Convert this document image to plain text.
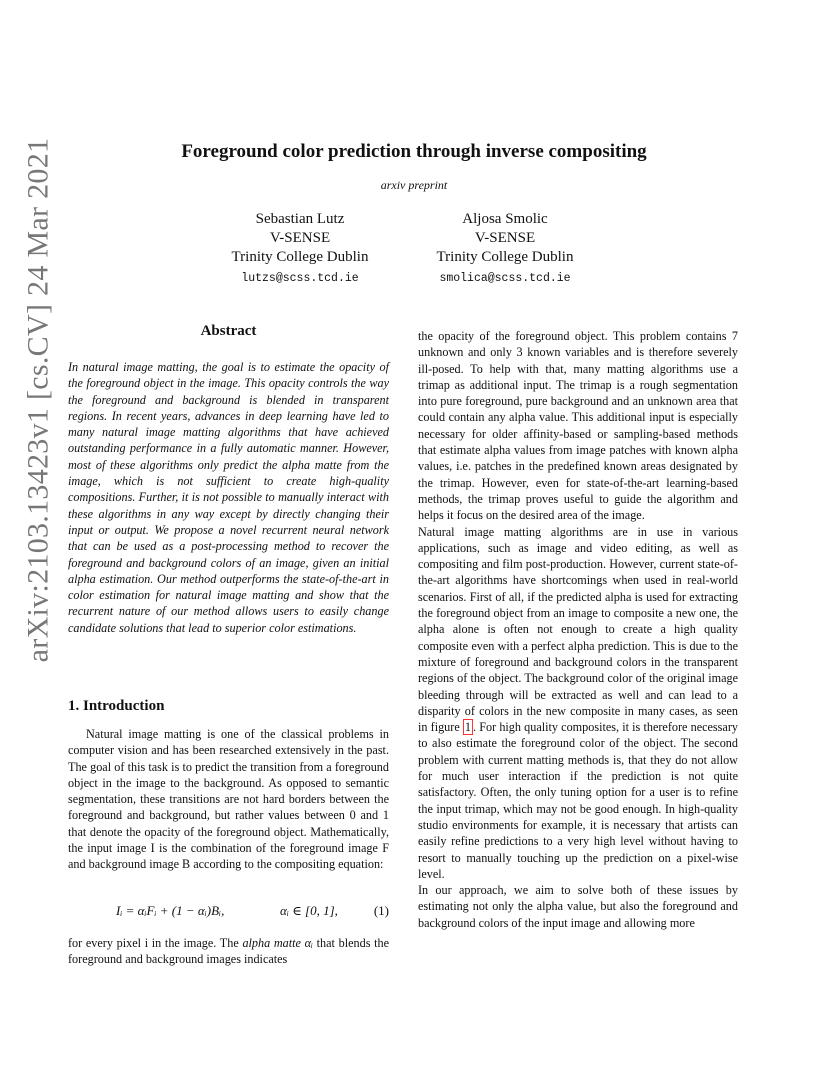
arXiv:2103.13423v1 [cs.CV] 24 Mar 2021	Foreground color prediction through inverse compositing
arxiv preprint
Sebastian Lutz
V-SENSE
Trinity College Dublin
lutzs@scss.tcd.ie
Aljosa Smolic
V-SENSE
Trinity College Dublin
smolica@scss.tcd.ie
Abstract
In natural image matting, the goal is to estimate the opacity of the foreground object in the image. This opacity controls the way the foreground and background is blended in transparent regions. In recent years, advances in deep learning have led to many natural image matting algorithms that have achieved outstanding performance in a fully automatic manner. However, most of these algorithms only predict the alpha matte from the image, which is not sufficient to create high-quality compositions. Further, it is not possible to manually interact with these algorithms in any way except by directly changing their input or output. We propose a novel recurrent neural network that can be used as a post-processing method to recover the foreground and background colors of an image, given an initial alpha estimation. Our method outperforms the state-of-the-art in color estimation for natural image matting and show that the recurrent nature of our method allows users to easily change candidate solutions that lead to superior color estimations.
1. Introduction

Natural image matting is one of the classical problems in computer vision and has been researched extensively in the past. The goal of this task is to predict the transition from a foreground object in the image to the background. As opposed to semantic segmentation, these transitions are not hard borders between the foreground and background, but rather values between 0 and 1 that denote the opacity of the foreground object. Mathematically, the input image I is the combination of the foreground image F and background image B according to the compositing equation:

Iᵢ = αᵢFᵢ + (1 − αᵢ)Bᵢ,	αᵢ ∈ [0, 1],	(1)

for every pixel i in the image. The alpha matte αᵢ that blends the foreground and background images indicates

the opacity of the foreground object. This problem contains 7 unknown and only 3 known variables and is therefore severely ill-posed. To help with that, many matting algorithms use a trimap as additional input. The trimap is a rough segmentation into pure foreground, pure background and an unknown area that could contain any alpha value. This additional input is especially necessary for older affinity-based or sampling-based methods that estimate alpha values from image patches with known alpha values, i.e. patches in the predefined known areas designated by the trimap. However, even for state-of-the-art learning-based methods, the trimap proves useful to guide the algorithm and helps it focus on the desired area of the image.

Natural image matting algorithms are in use in various applications, such as image and video editing, as well as compositing and film post-production. However, current state-of-the-art algorithms have shortcomings when used in real-world scenarios. First of all, if the predicted alpha is used for extracting the foreground object from an image to composite a new one, the alpha alone is often not enough to create a high quality composite even with a perfect alpha prediction. This is due to the mixture of foreground and background colors in the transparent regions of the object. The background color of the original image bleeding through will be extracted as well and can lead to a disparity of colors in the new composite in many cases, as seen in figure 1 . For high quality composites, it is therefore necessary to also estimate the foreground color of the object. The second problem with current matting methods is, that they do not allow for much user interaction if the prediction is not quite satisfactory. Often, the only tuning option for a user is to refine the input trimap, which may not be good enough. In high-quality studio environments for example, it is necessary that artists can easily refine predictions to a very high level without having to resort to manually touching up the prediction on a pixel-wise level.

In our approach, we aim to solve both of these issues by estimating not only the alpha value, but also the foreground and background colors of the input image and allowing more
